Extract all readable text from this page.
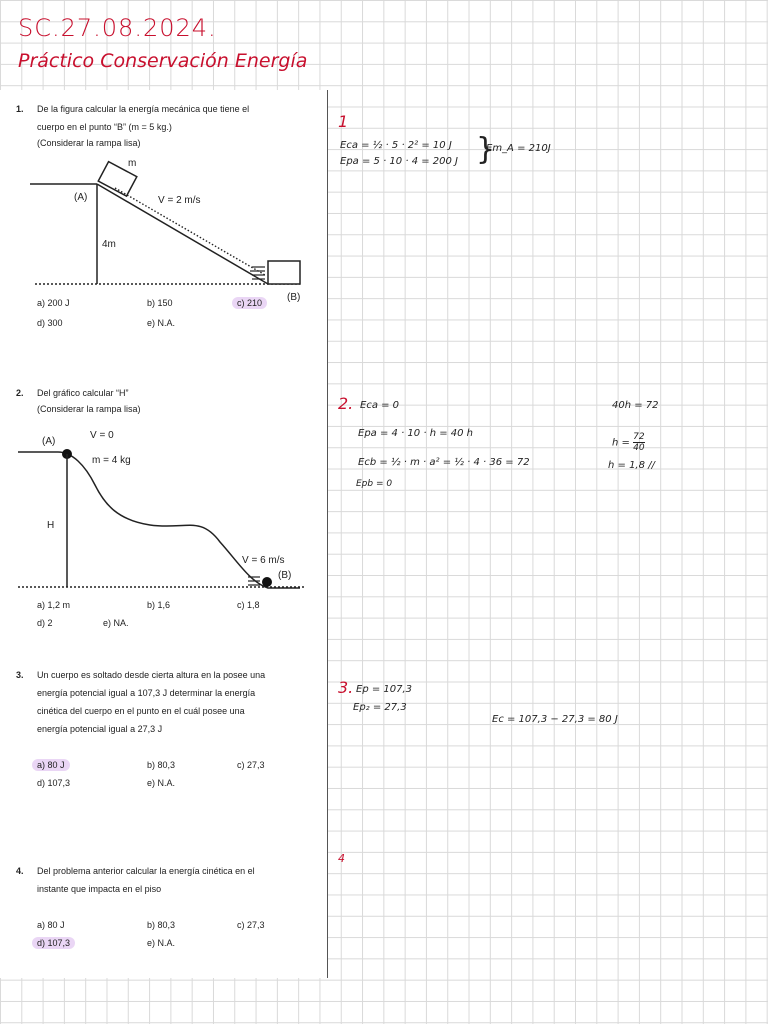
SC.27.08.2024.
Práctico Conservación Energía
1. De la figura calcular la energía mecánica que tiene el
cuerpo en el punto “B” (m = 5 kg.)
(Considerar la rampa lisa)
m
(A)	V = 2 m/s
4m
(B)
a) 200 J	b) 150	c) 210
d) 300	e) N.A.
2. Del gráfico calcular “H”
(Considerar la rampa lisa)
(A)
V = 0
m = 4 kg
H
V = 6 m/s
(B)
a) 1,2 m	b) 1,6	c) 1,8
d) 2	e) NA.
3. Un cuerpo es soltado desde cierta altura en la posee una
energía potencial igual a 107,3 J determinar la energía
cinética del cuerpo en el punto en el cuál posee una
energía potencial igual a 27,3 J
a) 80 J	b) 80,3	c) 27,3
d) 107,3	e) N.A.
4. Del problema anterior calcular la energía cinética en el
instante que impacta en el piso
a) 80 J	b) 80,3	c) 27,3
d) 107,3	e) N.A.
1
Eca = ½ · 5 · 2² = 10 J
Epa = 5 · 10 · 4 = 200 J }
Em_A = 210J
2. Eca = 0
Epa = 4 · 10 · h = 40 h
Ecb = ½ · m · a² = ½ · 4 · 36 = 72
Epb = 0
40h = 72
$h = \frac{72}{40}$
h = 1,8 //
3. Ep = 107,3
Ep₂ = 27,3
Ec = 107,3 − 27,3 = 80 J
4
